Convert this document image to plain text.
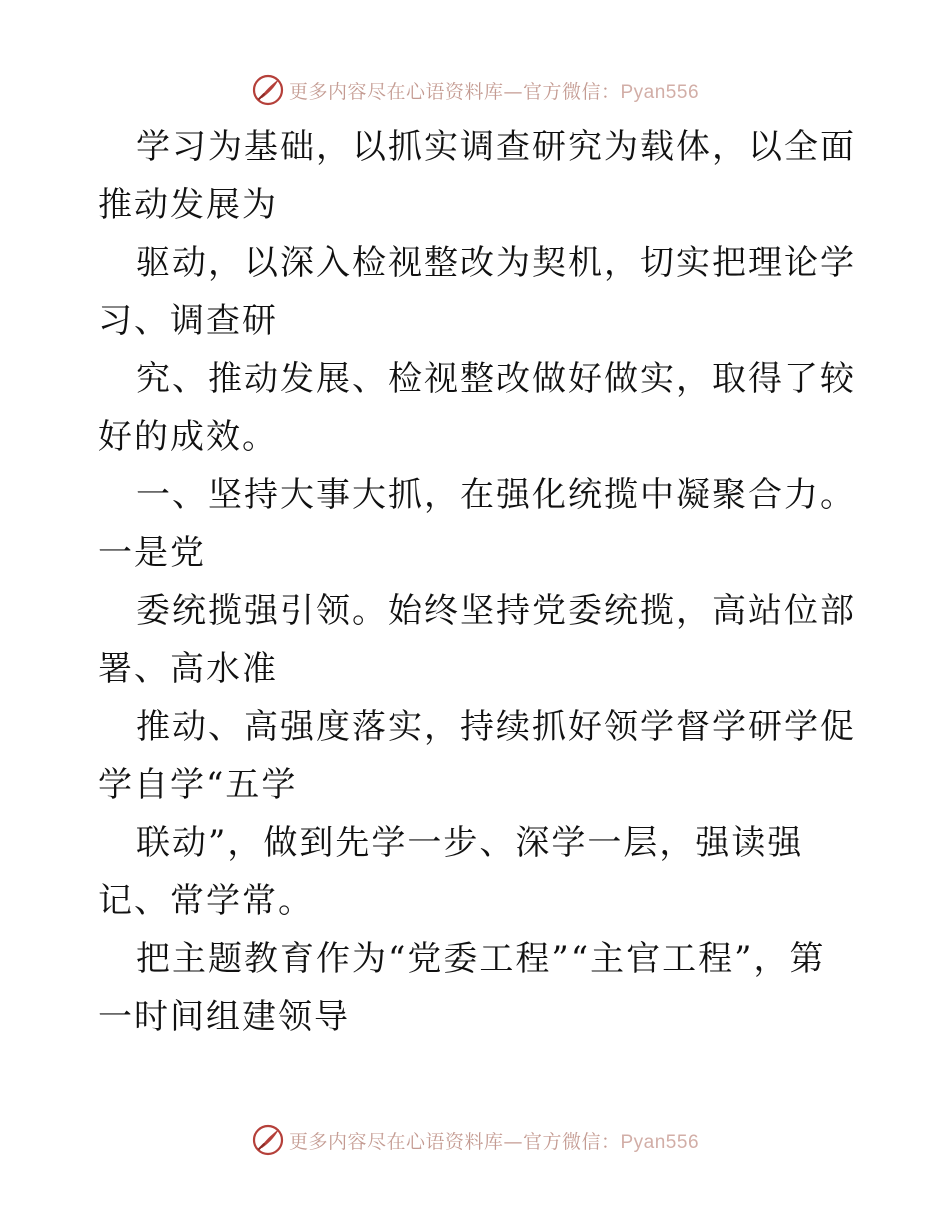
更多内容尽在心语资料库—官方微信：Pyan556

学习为基础，以抓实调查研究为载体，以全面推动发展为

驱动，以深入检视整改为契机，切实把理论学习、调查研

究、推动发展、检视整改做好做实，取得了较好的成效。

一、坚持大事大抓，在强化统揽中凝聚合力。一是党

委统揽强引领。始终坚持党委统揽，高站位部署、高水准

推动、高强度落实，持续抓好领学督学研学促学自学“五学

联动”，做到先学一步、深学一层，强读强记、常学常。

把主题教育作为“党委工程”“主官工程”，第一时间组建领导

更多内容尽在心语资料库—官方微信：Pyan556
